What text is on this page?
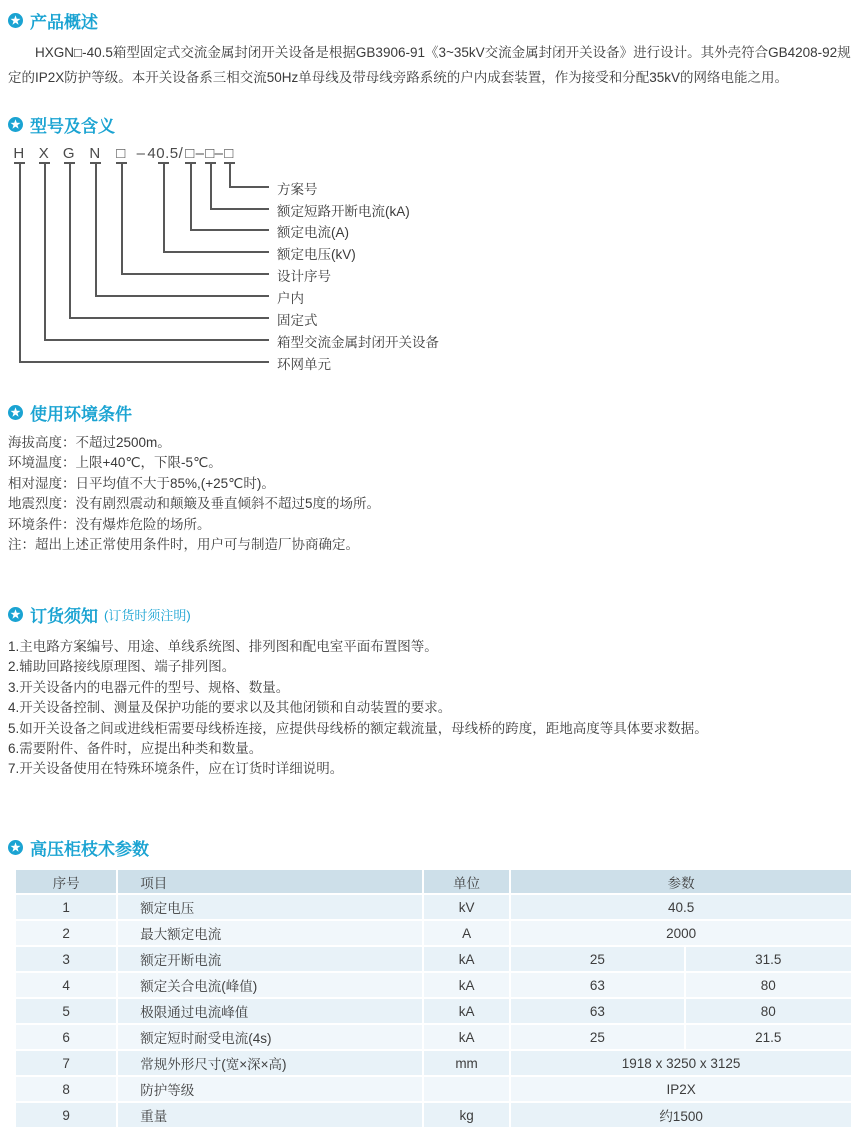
产品概述
HXGN□-40.5箱型固定式交流金属封闭开关设备是根据GB3906-91《3~35kV交流金属封闭开关设备》进行设计。其外壳符合GB4208-92规定的IP2X防护等级。本开关设备系三相交流50Hz单母线及带母线旁路系统的户内成套装置，作为接受和分配35kV的网络电能之用。
型号及含义
H X G N □ – 40.5 / □ – □ – □
方案号
额定短路开断电流(kA)
额定电流(A)
额定电压(kV)
设计序号
户内
固定式
箱型交流金属封闭开关设备
环网单元
使用环境条件
海拔高度：不超过2500m。
环境温度：上限+40℃，下限-5℃。
相对湿度：日平均值不大于85%,(+25℃时)。
地震烈度：没有剧烈震动和颠簸及垂直倾斜不超过5度的场所。
环境条件：没有爆炸危险的场所。
注：超出上述正常使用条件时，用户可与制造厂协商确定。
订货须知 (订货时须注明)
1.主电路方案编号、用途、单线系统图、排列图和配电室平面布置图等。
2.辅助回路接线原理图、端子排列图。
3.开关设备内的电器元件的型号、规格、数量。
4.开关设备控制、测量及保护功能的要求以及其他闭锁和自动装置的要求。
5.如开关设备之间或进线柜需要母线桥连接，应提供母线桥的额定载流量，母线桥的跨度，距地高度等具体要求数据。
6.需要附件、备件时，应提出种类和数量。
7.开关设备使用在特殊环境条件，应在订货时详细说明。
高压柜枝术参数
序号	项目	单位	参数	
1	额定电压	kV	40.5	
2	最大额定电流	A	2000	
3	额定开断电流	kA	25	31.5
4	额定关合电流(峰值)	kA	63	80
5	极限通过电流峰值	kA	63	80
6	额定短时耐受电流(4s)	kA	25	21.5
7	常规外形尺寸(宽×深×高)	mm	1918 x 3250 x 3125	
8	防护等级		IP2X	
9	重量	kg	约1500	
